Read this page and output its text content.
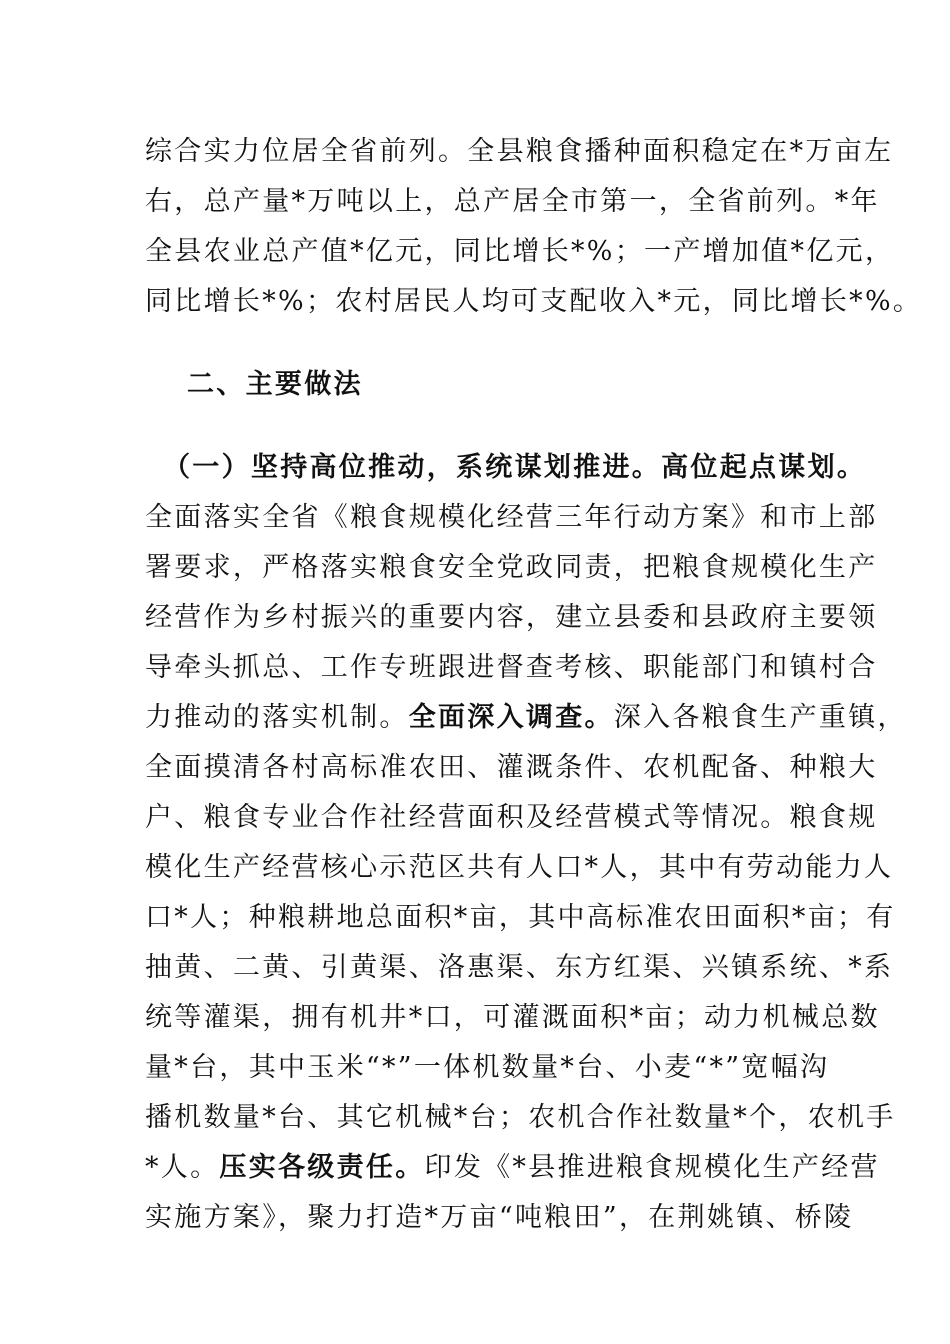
综合实力位居全省前列。全县粮食播种面积稳定在*万亩左
右，总产量*万吨以上，总产居全市第一，全省前列。*年
全县农业总产值*亿元，同比增长*%；一产增加值*亿元，
同比增长*%；农村居民人均可支配收入*元，同比增长*%。
二、主要做法
（一）坚持高位推动，系统谋划推进。高位起点谋划。
全面落实全省《粮食规模化经营三年行动方案》和市上部
署要求，严格落实粮食安全党政同责，把粮食规模化生产
经营作为乡村振兴的重要内容，建立县委和县政府主要领
导牵头抓总、工作专班跟进督查考核、职能部门和镇村合
力推动的落实机制。全面深入调查。深入各粮食生产重镇，
全面摸清各村高标准农田、灌溉条件、农机配备、种粮大
户、粮食专业合作社经营面积及经营模式等情况。粮食规
模化生产经营核心示范区共有人口*人，其中有劳动能力人
口*人；种粮耕地总面积*亩，其中高标准农田面积*亩；有
抽黄、二黄、引黄渠、洛惠渠、东方红渠、兴镇系统、*系
统等灌渠，拥有机井*口，可灌溉面积*亩；动力机械总数
量*台，其中玉米“*”一体机数量*台、小麦“*”宽幅沟
播机数量*台、其它机械*台；农机合作社数量*个，农机手
*人。压实各级责任。印发《*县推进粮食规模化生产经营
实施方案》，聚力打造*万亩“吨粮田”，在荆姚镇、桥陵
